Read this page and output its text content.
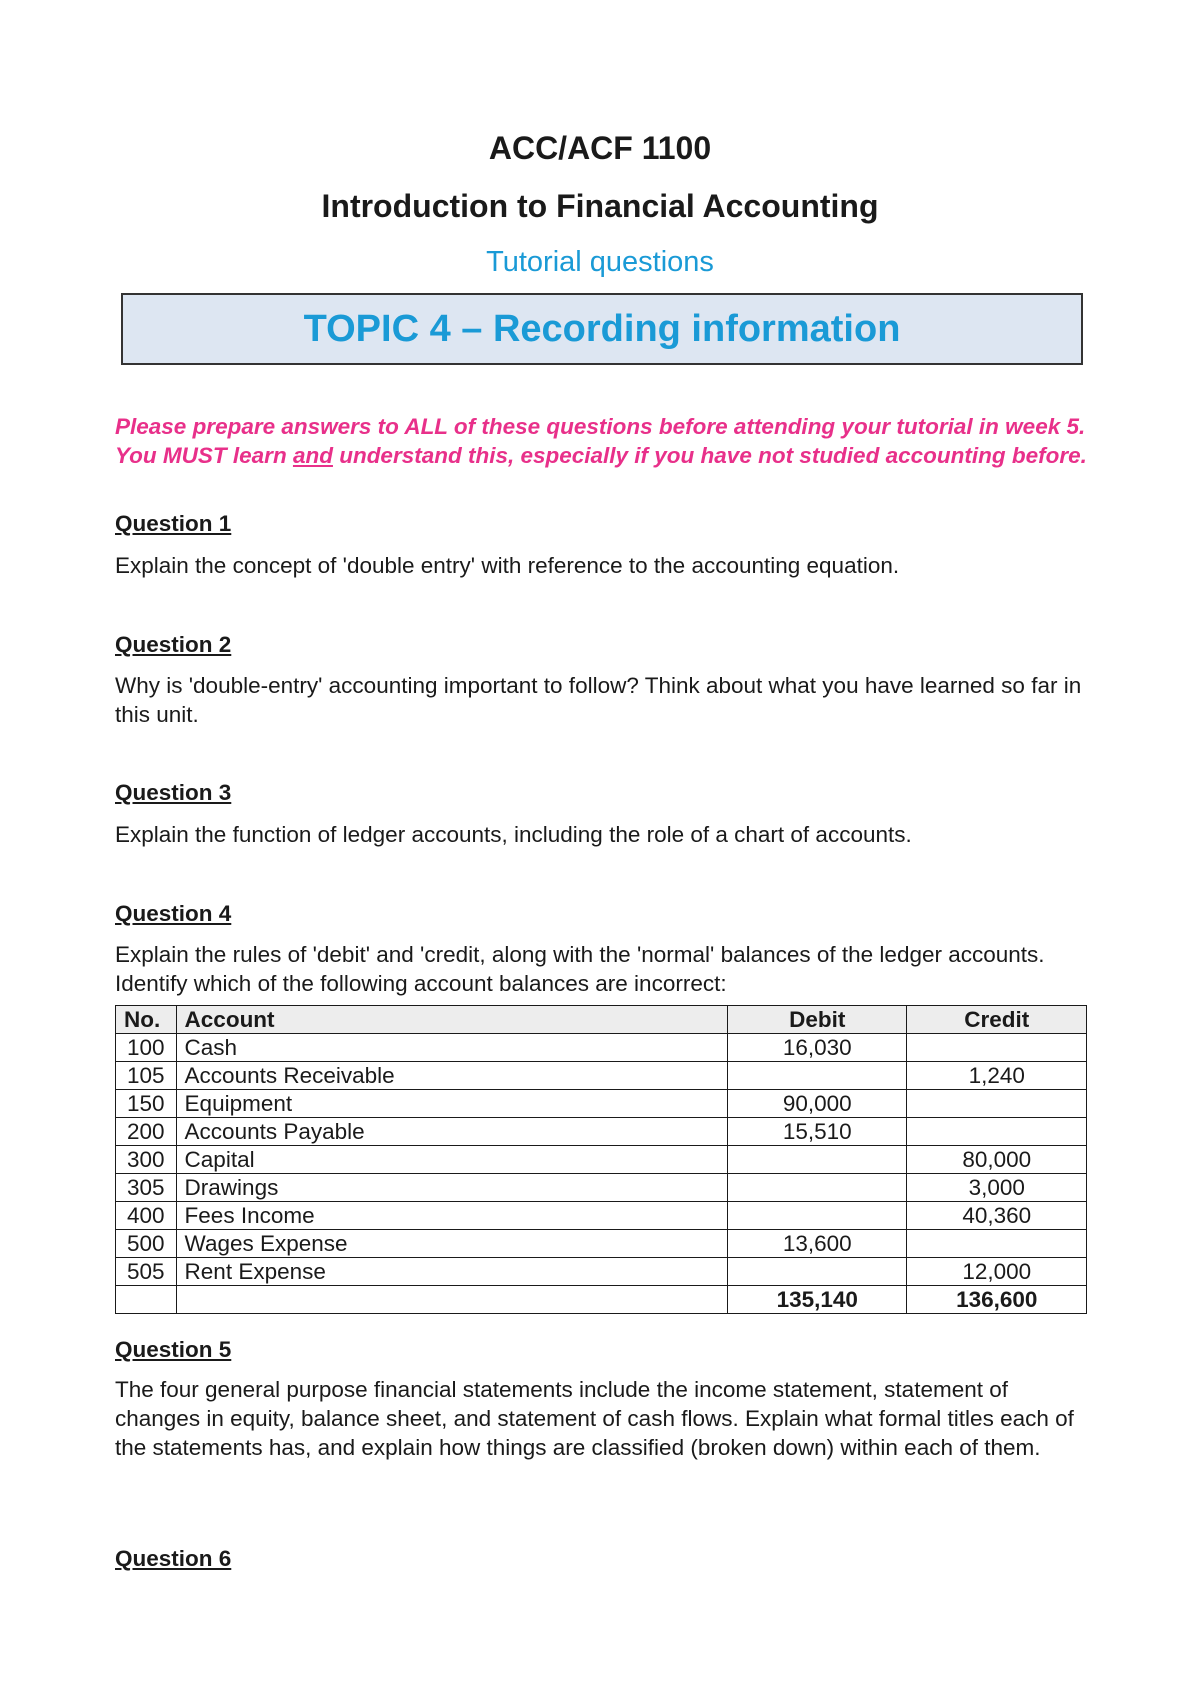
ACC/ACF 1100
Introduction to Financial Accounting
Tutorial questions
TOPIC 4 – Recording information
Please prepare answers to ALL of these questions before attending your tutorial in week 5. You MUST learn and understand this, especially if you have not studied accounting before.
Question 1
Explain the concept of 'double entry' with reference to the accounting equation.
Question 2
Why is 'double-entry' accounting important to follow? Think about what you have learned so far in this unit.
Question 3
Explain the function of ledger accounts, including the role of a chart of accounts.
Question 4
Explain the rules of 'debit' and 'credit, along with the 'normal' balances of the ledger accounts. Identify which of the following account balances are incorrect:
No.	Account	Debit	Credit
100	Cash	16,030	
105	Accounts Receivable		1,240
150	Equipment	90,000	
200	Accounts Payable	15,510	
300	Capital		80,000
305	Drawings		3,000
400	Fees Income		40,360
500	Wages Expense	13,600	
505	Rent Expense		12,000
		135,140	136,600
Question 5
The four general purpose financial statements include the income statement, statement of changes in equity, balance sheet, and statement of cash flows. Explain what formal titles each of the statements has, and explain how things are classified (broken down) within each of them.
Question 6
